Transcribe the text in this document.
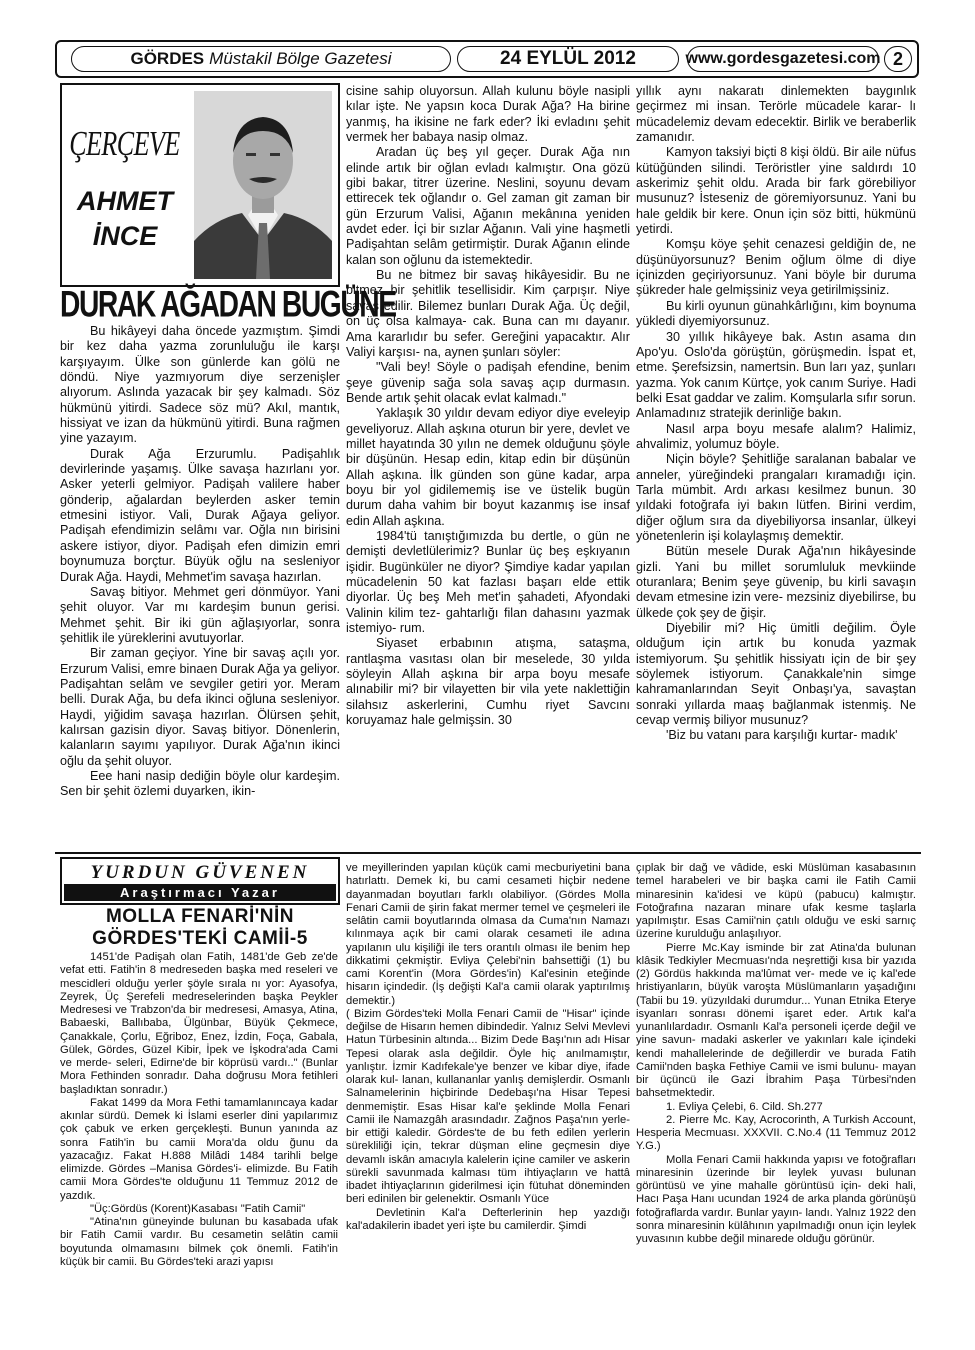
GÖRDES Müstakil Bölge Gazetesi	24 EYLÜL 2012	www.gordesgazetesi.com 2
ÇERÇEVE
AHMET
İNCE
DURAK AĞADAN BUGÜNE

Bu hikâyeyi daha öncede yazmıştım. Şimdi bir kez daha yazma zorunluluğu ile karşı karşıyayım. Ülke son günlerde kan gölü ne döndü. Niye yazmıyorum diye serzenişler alıyorum. Aslında yazacak bir şey kalmadı. Söz hükmünü yitirdi. Sadece söz mü? Akıl, mantık, hissiyat ve izan da hükmünü yitirdi. Buna rağmen yine yazayım.

Durak Ağa Erzurumlu. Padişahlık devirlerinde yaşamış. Ülke savaşa hazırlanı yor. Asker yeterli gelmiyor. Padişah valilere haber gönderip, ağalardan beylerden asker temin etmesini istiyor. Vali, Durak Ağaya geliyor. Padişah efendimizin selâmı var. Oğla nın birisini askere istiyor, diyor. Padişah efen dimizin emri boynumuza borçtur. Büyük oğlu na sesleniyor Durak Ağa. Haydi, Mehmet'im savaşa hazırlan.

Savaş bitiyor. Mehmet geri dönmüyor. Yani şehit oluyor. Var mı kardeşim bunun gerisi. Mehmet şehit. Bir iki gün ağlaşıyorlar, sonra şehitlik ile yüreklerini avutuyorlar.

Bir zaman geçiyor. Yine bir savaş açılı yor. Erzurum Valisi, emre binaen Durak Ağa ya geliyor. Padişahtan selâm ve sevgiler getiri yor. Meram belli. Durak Ağa, bu defa ikinci oğluna sesleniyor. Haydi, yiğidim savaşa hazırlan. Ölürsen şehit, kalırsan gazisin diyor. Savaş bitiyor. Dönenlerin, kalanların sayımı yapılıyor. Durak Ağa'nın ikinci oğlu da şehit oluyor.

Eee hani nasip dediğin böyle olur kardeşim. Sen bir şehit özlemi duyarken, ikin-

cisine sahip oluyorsun. Allah kulunu böyle nasipli kılar işte. Ne yapsın koca Durak Ağa? Ha birine yanmış, ha ikisine ne fark eder? İki evladını şehit vermek her babaya nasip olmaz.

Aradan üç beş yıl geçer. Durak Ağa nın elinde artık bir oğlan evladı kalmıştır. Ona gözü gibi bakar, titrer üzerine. Neslini, soyunu devam ettirecek tek oğlandır o. Gel zaman git zaman bir gün Erzurum Valisi, Ağanın mekânına yeniden avdet eder. İçi bir sızlar Ağanın. Vali yine haşmetli Padişahtan selâm getirmiştir. Durak Ağanın elinde kalan son oğlunu da istemektedir.

Bu ne bitmez bir savaş hikâyesidir. Bu ne bitmez bir şehitlik tesellisidir. Kim çarpışır. Niye savaş edilir. Bilemez bunları Durak Ağa. Üç değil, on üç olsa kalmaya- cak. Buna can mı dayanır. Ama kararlıdır bu sefer. Gereğini yapacaktır. Alır Valiyi karşısı- na, aynen şunları söyler:

"Vali bey! Söyle o padişah efendine, benim şeye güvenip sağa sola savaş açıp durmasın. Bende artık şehit olacak evlat kalmadı."

Yaklaşık 30 yıldır devam ediyor diye eveleyip geveliyoruz. Allah aşkına oturun bir yere, devlet ve millet hayatında 30 yılın ne demek olduğunu şöyle bir düşünün. Hesap edin, kitap edin bir düşünün Allah aşkına. İlk günden son güne kadar, arpa boyu bir yol gidilememiş ise ve üstelik bugün durum daha vahim bir boyut kazanmış ise insaf edin Allah aşkına.

1984'tü tanıştığımızda bu dertle, o gün ne demişti devletlülerimiz? Bunlar üç beş eşkıyanın işidir. Bugünküler ne diyor? Şimdiye kadar yapılan mücadelenin 50 kat fazlası başarı elde ettik diyorlar. Üç beş Meh met'in şahadeti, Afyondaki Valinin kilim tez- gahtarlığı filan dahasını yazmak istemiyo- rum.

Siyaset erbabının atışma, sataşma, rantlaşma vasıtası olan bir meselede, 30 yılda söyleyin Allah aşkına bir arpa boyu mesafe alınabilir mi? bir vilayetten bir vila yete naklettiğin silahsız askerlerini, Cumhu riyet Savcını koruyamaz hale gelmişsin. 30

yıllık aynı nakaratı dinlemekten baygınlık geçirmez mi insan. Terörle mücadele karar- lı mücadelemiz devam edecektir. Birlik ve beraberlik zamanıdır.

Kamyon taksiyi biçti 8 kişi öldü. Bir aile nüfus kütüğünden silindi. Teröristler yine saldırdı 10 askerimiz şehit oldu. Arada bir fark görebiliyor musunuz? İsteseniz de göremiyorsunuz. Yani bu hale geldik bir kere. Onun için söz bitti, hükmünü yetirdi.

Komşu köye şehit cenazesi geldiğin de, ne düşünüyorsunuz? Benim oğlum ölme di diye içinizden geçiriyorsunuz. Yani böyle bir duruma şükreder hale gelmişsiniz veya getirilmişsiniz.

Bu kirli oyunun günahkârlığını, kim boynuma yükledi diyemiyorsunuz.

30 yıllık hikâyeye bak. Astın asama dın Apo'yu. Oslo'da görüştün, görüşmedin. İspat et, etme. Şerefsizsin, namertsin. Bun ları yaz, şunları yazma. Yok canım Kürtçe, yok canım Suriye. Hadi belki Esat gaddar ve zalim. Komşularla sıfır sorun. Anlamadınız stratejik derinliğe bakın.

Nasıl arpa boyu mesafe alalım? Halimiz, ahvalimiz, yolumuz böyle.

Niçin böyle? Şehitliğe saralanan babalar ve anneler, yüreğindeki prangaları kıramadığı için. Tarla mümbit. Ardı arkası kesilmez bunun. 30 yıldaki fotoğrafa iyi bakın lütfen. Birini verdim, diğer oğlum sıra da diyebiliyorsa insanlar, ülkeyi yönetenlerin işi kolaylaşmış demektir.

Bütün mesele Durak Ağa'nın hikâyesinde gizli. Yani bu millet sorumluluk mevkiinde oturanlara; Benim şeye güvenip, bu kirli savaşın devam etmesine izin vere- mezsiniz diyebilirse, bu ülkede çok şey de ğişir.

Diyebilir mi? Hiç ümitli değilim. Öyle olduğum için artık bu konuda yazmak istemiyorum. Şu şehitlik hissiyatı için de bir şey söylemek istiyorum. Çanakkale'nin simge kahramanlarından Seyit Onbaşı'ya, savaştan sonraki yıllarda maaş bağlanmak istenmiş. Ne cevap vermiş biliyor musunuz?

'Biz bu vatanı para karşılığı kurtar- madık'

YURDUN GÜVENEN
Araştırmacı Yazar
MOLLA FENARİ'NİN
GÖRDES'TEKİ CAMİİ-5

1451'de Padişah olan Fatih, 1481'de Geb ze'de vefat etti. Fatih'in 8 medreseden başka med reseleri ve mescidleri olduğu yerler şöyle sırala nı yor: Ayasofya, Zeyrek, Üç Şerefeli medreselerinden başka Peykler Medresesi ve Trabzon'da bir medresesi, Amasya, Atina, Babaeski, Ballıbaba, Ülgünbar, Büyük Çekmece, Çanakkale, Çorlu, Eğriboz, Enez, İzdin, Foça, Gabala, Gülek, Gördes, Güzel Kibir, İpek ve İşkodra'ada Cami ve merde- seleri, Edirne'de bir köprüsü vardı.." (Bunlar Mora Fethinden sonradır. Daha doğrusu Mora fetihleri başladıktan sonradır.)

Fakat 1499 da Mora Fethi tamamlanıncaya kadar akınlar sürdü. Demek ki İslami eserler dini yapılarımız çok çabuk ve erken gerçekleşti. Bunun yanında az sonra Fatih'in bu camii Mora'da oldu ğunu da yazacağız. Fakat H.888 Milâdi 1484 tarihli belge elimizde. Gördes –Manisa Gördes'i- elimizde. Bu Fatih camii Mora Gördes'te olduğunu 11 Temmuz 2012 de yazdık.

"Üç:Gördüs (Korent)Kasabası "Fatih Camii"

"Atina'nın güneyinde bulunan bu kasabada ufak bir Fatih Camii vardır. Bu cesametin selâtin camii boyutunda olmamasını bilmek çok önemli. Fatih'in küçük bir camii. Bu Gördes'teki arazi yapısı

ve meyillerinden yapılan küçük cami mecburiyetini bana hatırlattı. Demek ki, bu cami cesameti hiçbir nedene dayanmadan boyutları farklı olabiliyor. (Gördes Molla Fenari Camii de şirin fakat mermer temel ve çeşmeleri ile selâtin camii boyutlarında olmasa da Cuma'nın Namazı kılınmaya açık bir cami olarak cesameti ile adına yapılanın ulu kişiliği ile ters orantılı olması ile benim hep dikkatimi çekmiştir. Evliya Çelebi'nin bahsettiği (1) bu cami Korent'in (Mora Gördes'in) Kal'esinin eteğinde hisarın içindedir. (İş değişti Kal'a camii olarak yaptırılmış demektir.)

( Bizim Gördes'teki Molla Fenari Camii de "Hisar" içinde değilse de Hisarın hemen dibindedir. Yalnız Selvi Mevlevi Hatun Türbesinin altında... Bizim Dede Başı'nın adı Hisar Tepesi olarak asla değildir. Öyle hiç anılmamıştır, yanlıştır. İzmir Kadıfekale'ye benzer ve kibar diye, ifade olarak kul- lanan, kullananlar yanlış demişlerdir. Osmanlı Salnamelerinin hiçbirinde Dedebaşı'na Hisar Tepesi denmemiştir. Esas Hisar kal'e şeklinde Molla Fenari Camii ile Namazgâh arasındadır. Zağnos Paşa'nın yerle-bir ettiği kaledir. Gördes'te de bu feth edilen yerlerin sürekliliği için, tekrar düşman eline geçmesin diye devamlı iskân amacıyla kalelerin içine camiler ve askerin sürekli savunmada kalması tüm ihtiyaçların ve hattâ ibadet ihtiyaçlarının giderilmesi için fütuhat döneminden beri edinilen bir gelenektir. Osmanlı Yüce

Devletinin Kal'a Defterlerinin hep yazdığı kal'adakilerin ibadet yeri işte bu camilerdir. Şimdi

çıplak bir dağ ve vâdide, eski Müslüman kasabasının temel harabeleri ve bir başka cami ile Fatih Camii minaresinin ka'idesi ve küpü (pabucu) kalmıştır. Fotoğrafına nazaran minare ufak kesme taşlarla yapılmıştır. Esas Camii'nin çatılı olduğu ve eski sarnıç üzerine kurulduğu anlaşılıyor.

Pierre Mc.Kay isminde bir zat Atina'da bulunan klâsik Tedkiyler Mecmuası'nda neşrettiği kısa bir yazıda (2) Gördüs hakkında ma'lûmat ver- mede ve iç kal'ede hristiyanların, büyük varoşta Müslümanların yaşadığını (Tabii bu 19. yüzyıldaki durumdur... Yunan Etnika Eterye isyanları sonrası dönemi işaret eder. Artık kal'a yunanlılardadır. Osmanlı Kal'a personeli içerde değil ve yine savun- madaki askerler ve yakınları kale içindeki kendi mahallelerinde de değillerdir ve burada Fatih Camii'nden başka Fethiye Camii ve ismi bulunu- mayan bir üçüncü ile Gazi İbrahim Paşa Türbesi'nden bahsetmektedir.

1. Evliya Çelebi, 6. Cild. Sh.277

2. Pierre Mc. Kay, Acrocorinth, A Turkish Account, Hesperia Mecmuası. XXXVII. C.No.4 (11 Temmuz 2012 Y.G.)

Molla Fenari Camii hakkında yapısı ve fotoğrafları minaresinin üzerinde bir leylek yuvası bulunan görüntüsü ve yine mahalle görüntüsü için- deki hali, Hacı Paşa Hanı ucundan 1924 de arka planda görünüşü fotoğraflarda vardır. Bunlar yayın- landı. Yalnız 1922 den sonra minaresinin külâhının yapılmadığı onun için leylek yuvasının kubbe değil minarede olduğu görünür.
